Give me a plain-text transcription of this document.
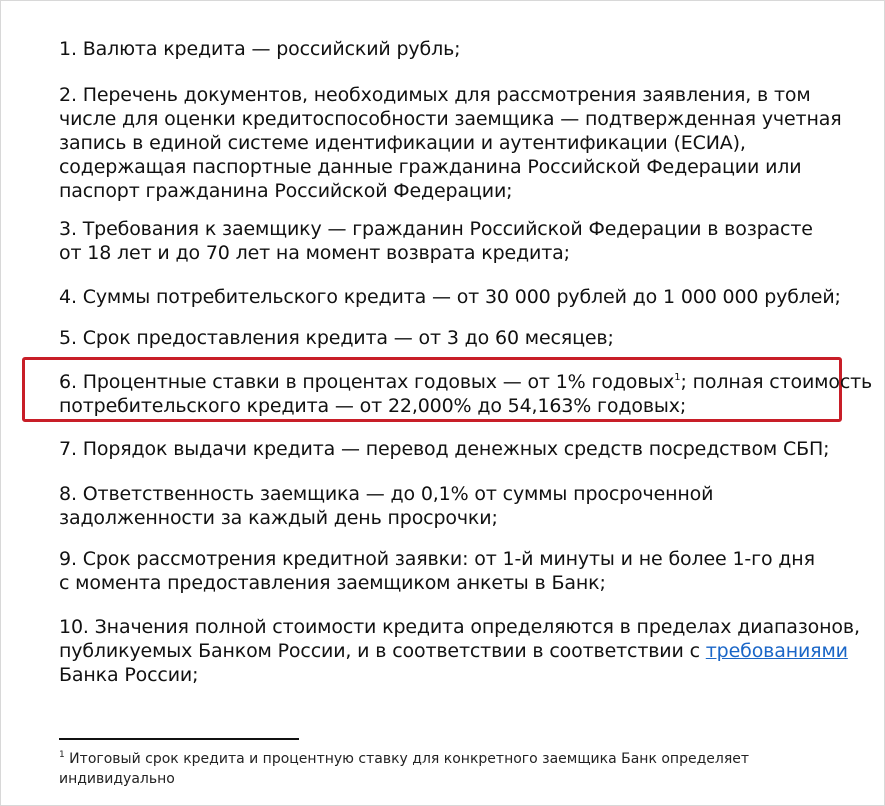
1. Валюта кредита — российский рубль;

2. Перечень документов, необходимых для рассмотрения заявления, в том
числе для оценки кредитоспособности заемщика — подтвержденная учетная
запись в единой системе идентификации и аутентификации (ЕСИА),
содержащая паспортные данные гражданина Российской Федерации или
паспорт гражданина Российской Федерации;

3. Требования к заемщику — гражданин Российской Федерации в возрасте
от 18 лет и до 70 лет на момент возврата кредита;

4. Суммы потребительского кредита — от 30 000 рублей до 1 000 000 рублей;

5. Срок предоставления кредита — от 3 до 60 месяцев;

6. Процентные ставки в процентах годовых — от 1% годовых$^1$; полная стоимость
потребительского кредита — от 22,000% до 54,163% годовых;

7. Порядок выдачи кредита — перевод денежных средств посредством СБП;

8. Ответственность заемщика — до 0,1% от суммы просроченной
задолженности за каждый день просрочки;

9. Срок рассмотрения кредитной заявки: от 1-й минуты и не более 1-го дня
с момента предоставления заемщиком анкеты в Банк;

10. Значения полной стоимости кредита определяются в пределах диапазонов,
публикуемых Банком России, и в соответствии в соответствии с требованиями
Банка России;

$^1$ Итоговый срок кредита и процентную ставку для конкретного заемщика Банк определяет
индивидуально
